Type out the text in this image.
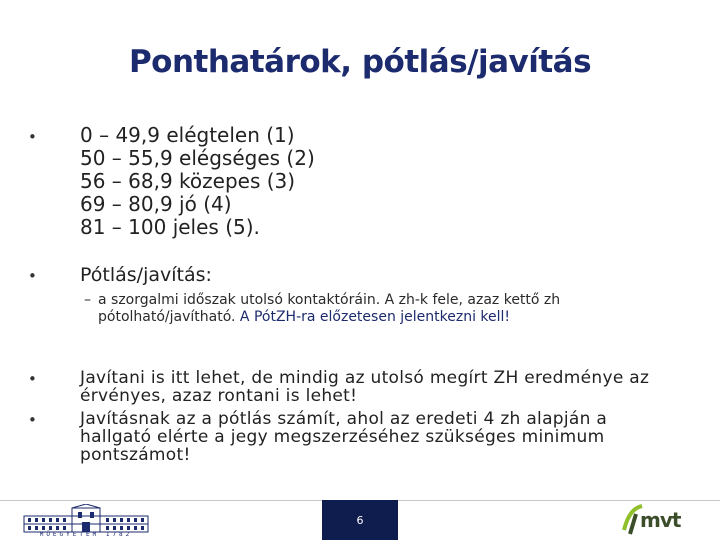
Ponthatárok, pótlás/javítás
• 0 – 49,9 elégtelen (1)
50 – 55,9 elégséges (2)
56 – 68,9 közepes (3)
69 – 80,9 jó (4)
81 – 100 jeles (5).
• Pótlás/javítás:
– a szorgalmi időszak utolsó kontaktóráin. A zh-k fele, azaz kettő zh pótolható/javítható. A PótZH-ra előzetesen jelentkezni kell!
•	Javítani is itt lehet, de mindig az utolsó megírt ZH eredménye az érvényes, azaz rontani is lehet!
•	Javításnak az a pótlás számít, ahol az eredeti 4 zh alapján a hallgató elérte a jegy megszerzéséhez szükséges minimum pontszámot!
MŰEGYETEM 1782
6	mvt
